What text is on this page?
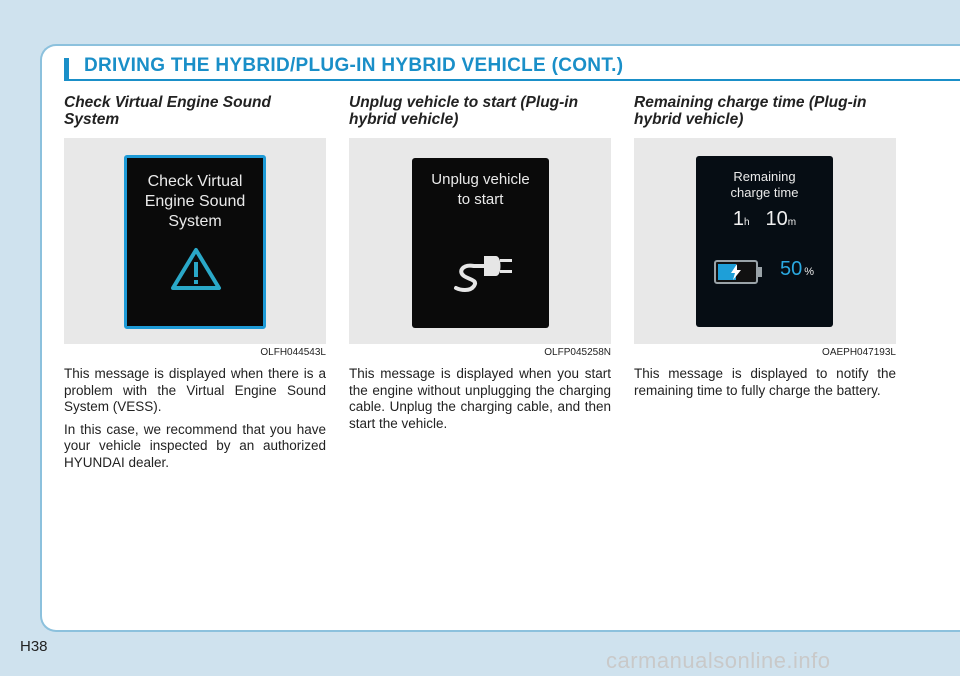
DRIVING THE HYBRID/PLUG-IN HYBRID VEHICLE (CONT.)
Check Virtual Engine Sound System
Check Virtual
Engine Sound
System
OLFH044543L

This message is displayed when there is a problem with the Virtual Engine Sound System (VESS).

In this case, we recommend that you have your vehicle inspected by an authorized HYUNDAI dealer.

Unplug vehicle to start (Plug-in hybrid vehicle)
Unplug vehicle
to start
OLFP045258N

This message is displayed when you start the engine without unplugging the charging cable. Unplug the charging cable, and then start the vehicle.

Remaining charge time (Plug-in hybrid vehicle)
Remaining
charge time
1h 10m
50 %
OAEPH047193L

This message is displayed to notify the remaining time to fully charge the battery.

H38
carmanualsonline.info
